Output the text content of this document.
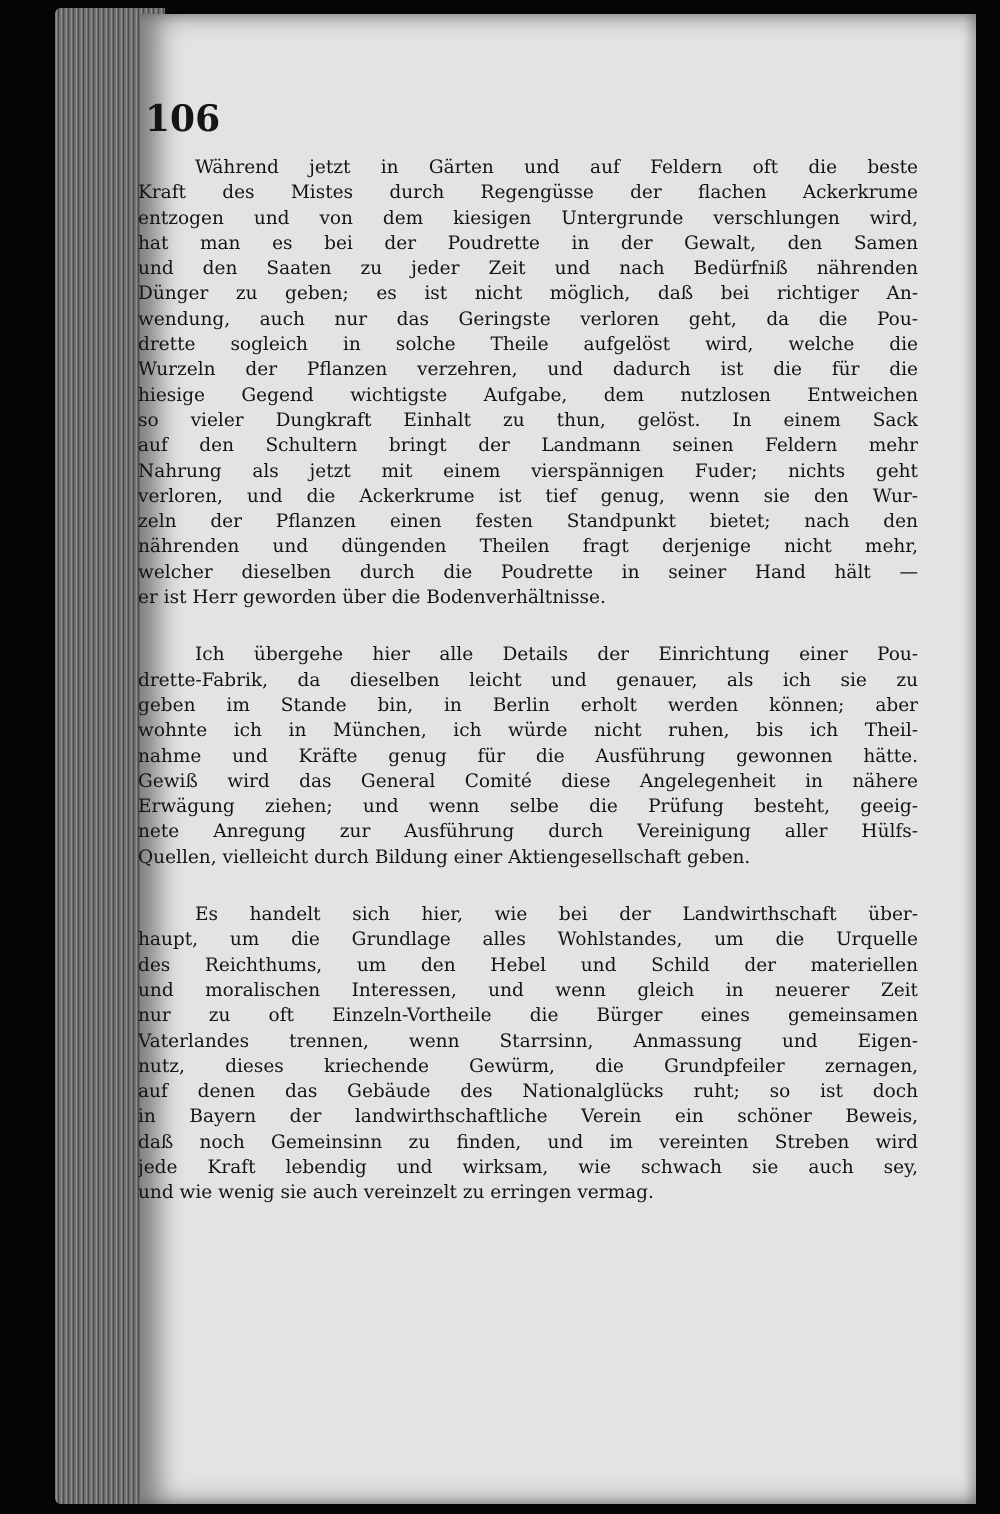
106
Während jetzt in Gärten und auf Feldern oft die beste
Kraft des Mistes durch Regengüsse der flachen Ackerkrume
entzogen und von dem kiesigen Untergrunde verschlungen wird,
hat man es bei der Poudrette in der Gewalt, den Samen
und den Saaten zu jeder Zeit und nach Bedürfniß nährenden
Dünger zu geben; es ist nicht möglich, daß bei richtiger An-
wendung, auch nur das Geringste verloren geht, da die Pou-
drette sogleich in solche Theile aufgelöst wird, welche die
Wurzeln der Pflanzen verzehren, und dadurch ist die für die
hiesige Gegend wichtigste Aufgabe, dem nutzlosen Entweichen
so vieler Dungkraft Einhalt zu thun, gelöst. In einem Sack
auf den Schultern bringt der Landmann seinen Feldern mehr
Nahrung als jetzt mit einem vierspännigen Fuder; nichts geht
verloren, und die Ackerkrume ist tief genug, wenn sie den Wur-
zeln der Pflanzen einen festen Standpunkt bietet; nach den
nährenden und düngenden Theilen fragt derjenige nicht mehr,
welcher dieselben durch die Poudrette in seiner Hand hält —
er ist Herr geworden über die Bodenverhältnisse.
Ich übergehe hier alle Details der Einrichtung einer Pou-
drette-Fabrik, da dieselben leicht und genauer, als ich sie zu
geben im Stande bin, in Berlin erholt werden können; aber
wohnte ich in München, ich würde nicht ruhen, bis ich Theil-
nahme und Kräfte genug für die Ausführung gewonnen hätte.
Gewiß wird das General Comité diese Angelegenheit in nähere
Erwägung ziehen; und wenn selbe die Prüfung besteht, geeig-
nete Anregung zur Ausführung durch Vereinigung aller Hülfs-
Quellen, vielleicht durch Bildung einer Aktiengesellschaft geben.
Es handelt sich hier, wie bei der Landwirthschaft über-
haupt, um die Grundlage alles Wohlstandes, um die Urquelle
des Reichthums, um den Hebel und Schild der materiellen
und moralischen Interessen, und wenn gleich in neuerer Zeit
nur zu oft Einzeln-Vortheile die Bürger eines gemeinsamen
Vaterlandes trennen, wenn Starrsinn, Anmassung und Eigen-
nutz, dieses kriechende Gewürm, die Grundpfeiler zernagen,
auf denen das Gebäude des Nationalglücks ruht; so ist doch
in Bayern der landwirthschaftliche Verein ein schöner Beweis,
daß noch Gemeinsinn zu finden, und im vereinten Streben wird
jede Kraft lebendig und wirksam, wie schwach sie auch sey,
und wie wenig sie auch vereinzelt zu erringen vermag.
